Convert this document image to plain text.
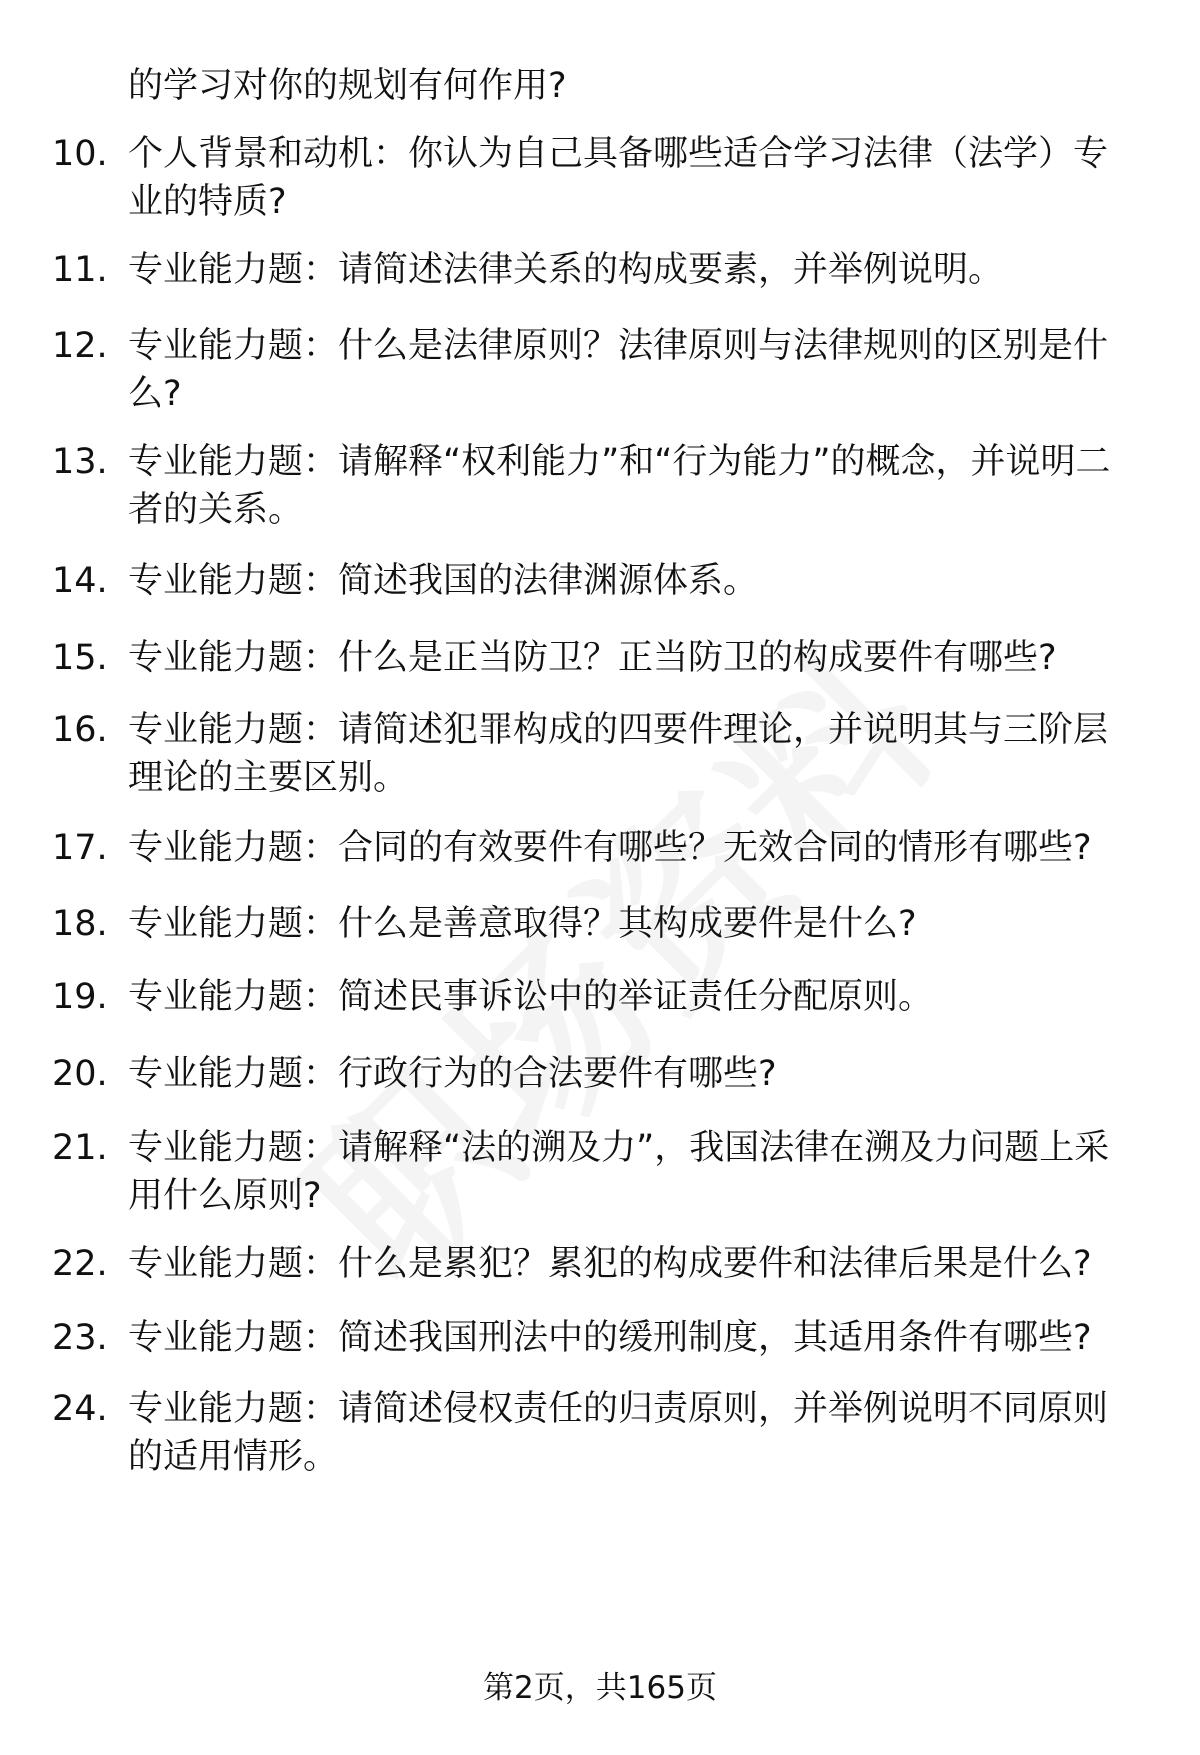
的学习对你的规划有何作用?
10. 个人背景和动机：你认为自己具备哪些适合学习法律（法学）专业的特质?
11. 专业能力题：请简述法律关系的构成要素，并举例说明。
12. 专业能力题：什么是法律原则？法律原则与法律规则的区别是什么?
13. 专业能力题：请解释“权利能力”和“行为能力”的概念，并说明二者的关系。
14. 专业能力题：简述我国的法律渊源体系。
15. 专业能力题：什么是正当防卫？正当防卫的构成要件有哪些?
16. 专业能力题：请简述犯罪构成的四要件理论，并说明其与三阶层理论的主要区别。
17. 专业能力题：合同的有效要件有哪些？无效合同的情形有哪些?
18. 专业能力题：什么是善意取得？其构成要件是什么?
19. 专业能力题：简述民事诉讼中的举证责任分配原则。
20. 专业能力题：行政行为的合法要件有哪些?
21. 专业能力题：请解释“法的溯及力”，我国法律在溯及力问题上采用什么原则?
22. 专业能力题：什么是累犯？累犯的构成要件和法律后果是什么?
23. 专业能力题：简述我国刑法中的缓刑制度，其适用条件有哪些?
24. 专业能力题：请简述侵权责任的归责原则，并举例说明不同原则的适用情形。
第2页，共165页
